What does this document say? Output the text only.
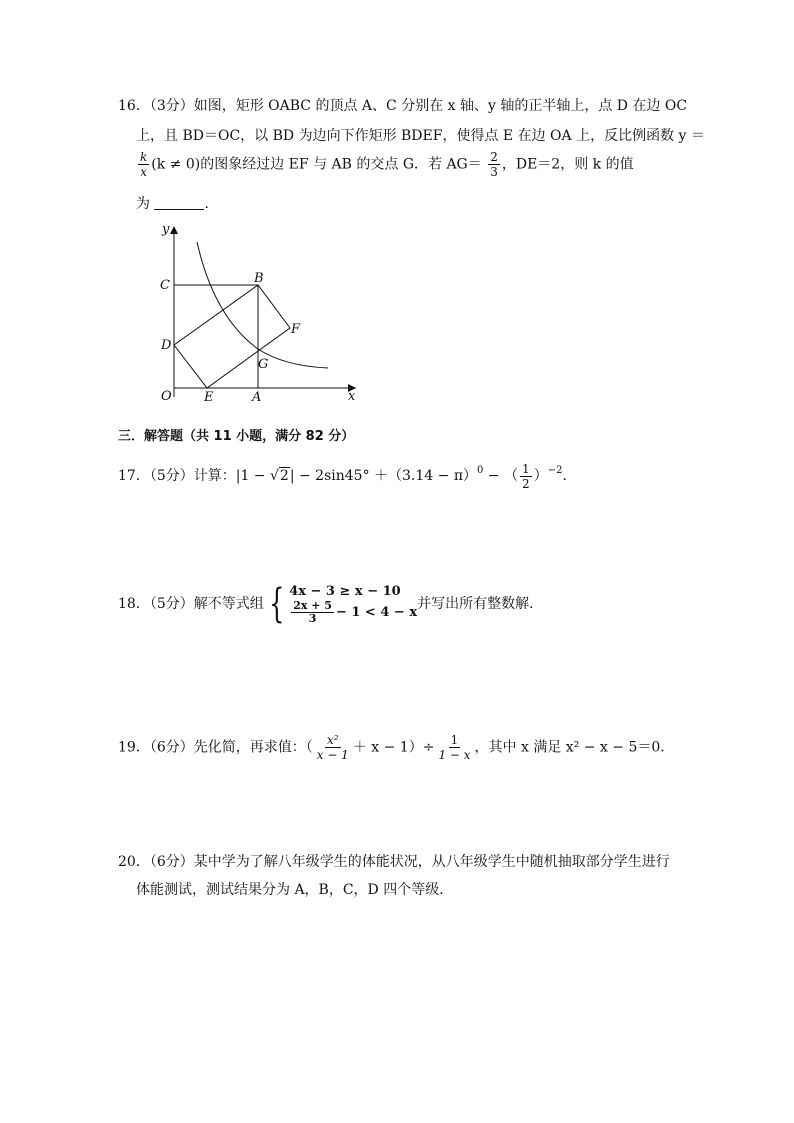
16．（3分）如图，矩形 OABC 的顶点 A、C 分别在 x 轴、y 轴的正半轴上，点 D 在边 OC
上，且 BD＝OC，以 BD 为边向下作矩形 BDEF，使得点 E 在边 OA 上，反比例函数 y ＝
$\frac{k}{x} (k \ne 0)$的图象经过边 EF 与 AB 的交点 G．若 $AG= \frac{2}{3}$ ，DE＝2，则 k 的值
为	．
y
x
O	A
B
C
D
E
F
G
三．解答题（共 11 小题，满分 82 分）
17．（5分）计算：$|1 - √2| - 2\sin 45^\circ +(3.14 - \pi)^0$ − （ $\frac{1}{2} )^{-2}$．
18．（5分）解不等式组 { 4x − 3 ≥ x − 10
$\frac{2x + 5}{3} - 1 < 4 - x$
并写出所有整数解．
19．（6分）先化简，再求值：（ $\frac{\text{x²}}{x - 1} + x - 1)\div \frac{1}{1 - x}$ ，其中 x 满足 x² − x − 5＝0．
20．（6分）某中学为了解八年级学生的体能状况，从八年级学生中随机抽取部分学生进行
体能测试，测试结果分为 A，B，C，D 四个等级．
